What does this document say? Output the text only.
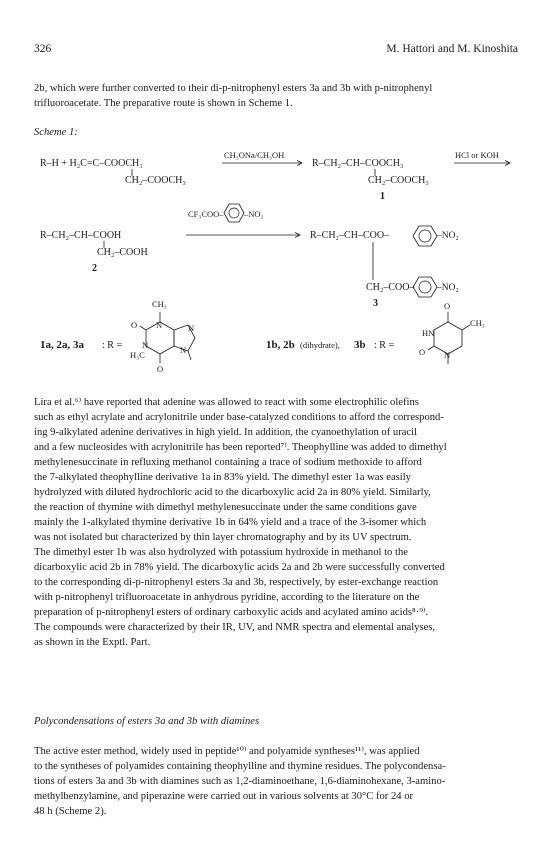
326	M. Hattori and M. Kinoshita
2b, which were further converted to their di-p-nitrophenyl esters 3a and 3b with p-nitrophenyl
trifluoroacetate. The preparative route is shown in Scheme 1.
Scheme 1:
R–H + H₂C=C–COOCH₃
CH₂–COOCH₃
CH₃ONa/CH₃OH
R–CH₂–CH–COOCH₃
CH₂–COOCH₃
1
HCl or KOH
CF₃COO– –NO₂
R–CH₂–CH–COOH
CH₂–COOH
2
R–CH₂–CH–COO–	–NO₂
CH₂–COO– –NO₂
3
1a, 2a, 3a : R =
CH₃
O N	N
N	N
H₃C
O
1b, 2b (dihydrate), 3b : R =
O
CH₃
HN
O N
Lira et al.⁶⁾ have reported that adenine was allowed to react with some electrophilic olefins
such as ethyl acrylate and acrylonitrile under base-catalyzed conditions to afford the correspond-
ing 9-alkylated adenine derivatives in high yield. In addition, the cyanoethylation of uracil
and a few nucleosides with acrylonitrile has been reported⁷⁾. Theophylline was added to dimethyl
methylenesuccinate in refluxing methanol containing a trace of sodium methoxide to afford
the 7-alkylated theophylline derivative 1a in 83% yield. The dimethyl ester 1a was easily
hydrolyzed with diluted hydrochloric acid to the dicarboxylic acid 2a in 80% yield. Similarly,
the reaction of thymine with dimethyl methylenesuccinate under the same conditions gave
mainly the 1-alkylated thymine derivative 1b in 64% yield and a trace of the 3-isomer which
was not isolated but characterized by thin layer chromatography and by its UV spectrum.
The dimethyl ester 1b was also hydrolyzed with potassium hydroxide in methanol to the
dicarboxylic acid 2b in 78% yield. The dicarboxylic acids 2a and 2b were successfully converted
to the corresponding di-p-nitrophenyl esters 3a and 3b, respectively, by ester-exchange reaction
with p-nitrophenyl trifluoroacetate in anhydrous pyridine, according to the literature on the
preparation of p-nitrophenyl esters of ordinary carboxylic acids and acylated amino acids⁸·⁹⁾.
The compounds were characterized by their IR, UV, and NMR spectra and elemental analyses,
as shown in the Exptl. Part.
Polycondensations of esters 3a and 3b with diamines
The active ester method, widely used in peptide¹⁰⁾ and polyamide syntheses¹¹⁾, was applied
to the syntheses of polyamides containing theophylline and thymine residues. The polycondensa-
tions of esters 3a and 3b with diamines such as 1,2-diaminoethane, 1,6-diaminohexane, 3-amino-
methylbenzylamine, and piperazine were carried out in various solvents at 30°C for 24 or
48 h (Scheme 2).
